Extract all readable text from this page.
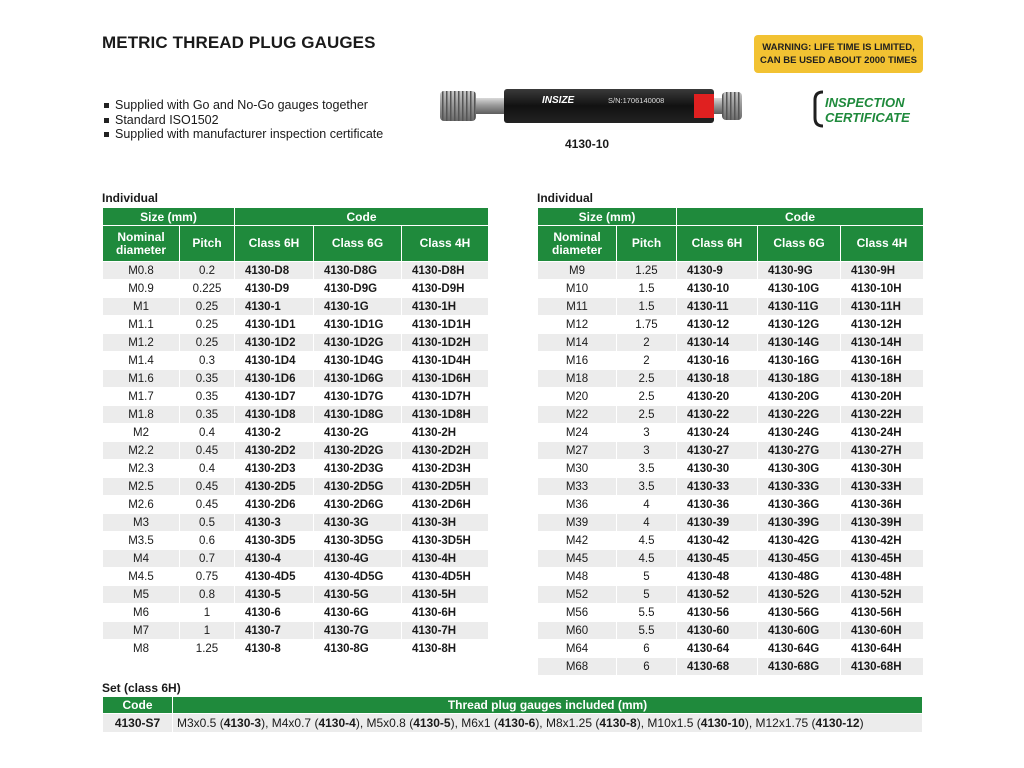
METRIC THREAD PLUG GAUGES	WARNING: LIFE TIME IS LIMITED,
CAN BE USED ABOUT 2000 TIMES
Supplied with Go and No-Go gauges together
Standard ISO1502
Supplied with manufacturer inspection certificate
INSIZE	S/N:1706140008
4130-10
INSPECTION
CERTIFICATE
Individual
Size (mm)		Code		
Nominal
diameter	Pitch	Class 6H	Class 6G	Class 4H
M0.8	0.2	4130-D8	4130-D8G	4130-D8H
M0.9	0.225	4130-D9	4130-D9G	4130-D9H
M1	0.25	4130-1	4130-1G	4130-1H
M1.1	0.25	4130-1D1	4130-1D1G	4130-1D1H
M1.2	0.25	4130-1D2	4130-1D2G	4130-1D2H
M1.4	0.3	4130-1D4	4130-1D4G	4130-1D4H
M1.6	0.35	4130-1D6	4130-1D6G	4130-1D6H
M1.7	0.35	4130-1D7	4130-1D7G	4130-1D7H
M1.8	0.35	4130-1D8	4130-1D8G	4130-1D8H
M2	0.4	4130-2	4130-2G	4130-2H
M2.2	0.45	4130-2D2	4130-2D2G	4130-2D2H
M2.3	0.4	4130-2D3	4130-2D3G	4130-2D3H
M2.5	0.45	4130-2D5	4130-2D5G	4130-2D5H
M2.6	0.45	4130-2D6	4130-2D6G	4130-2D6H
M3	0.5	4130-3	4130-3G	4130-3H
M3.5	0.6	4130-3D5	4130-3D5G	4130-3D5H
M4	0.7	4130-4	4130-4G	4130-4H
M4.5	0.75	4130-4D5	4130-4D5G	4130-4D5H
M5	0.8	4130-5	4130-5G	4130-5H
M6	1	4130-6	4130-6G	4130-6H
M7	1	4130-7	4130-7G	4130-7H
M8	1.25	4130-8	4130-8G	4130-8H
Individual
Size (mm)		Code		
Nominal
diameter	Pitch	Class 6H	Class 6G	Class 4H
M9	1.25	4130-9	4130-9G	4130-9H
M10	1.5	4130-10	4130-10G	4130-10H
M11	1.5	4130-11	4130-11G	4130-11H
M12	1.75	4130-12	4130-12G	4130-12H
M14	2	4130-14	4130-14G	4130-14H
M16	2	4130-16	4130-16G	4130-16H
M18	2.5	4130-18	4130-18G	4130-18H
M20	2.5	4130-20	4130-20G	4130-20H
M22	2.5	4130-22	4130-22G	4130-22H
M24	3	4130-24	4130-24G	4130-24H
M27	3	4130-27	4130-27G	4130-27H
M30	3.5	4130-30	4130-30G	4130-30H
M33	3.5	4130-33	4130-33G	4130-33H
M36	4	4130-36	4130-36G	4130-36H
M39	4	4130-39	4130-39G	4130-39H
M42	4.5	4130-42	4130-42G	4130-42H
M45	4.5	4130-45	4130-45G	4130-45H
M48	5	4130-48	4130-48G	4130-48H
M52	5	4130-52	4130-52G	4130-52H
M56	5.5	4130-56	4130-56G	4130-56H
M60	5.5	4130-60	4130-60G	4130-60H
M64	6	4130-64	4130-64G	4130-64H
M68	6	4130-68	4130-68G	4130-68H
Set (class 6H)
Code	Thread plug gauges included (mm)
4130-S7	M3x0.5 (4130-3), M4x0.7 (4130-4), M5x0.8 (4130-5), M6x1 (4130-6), M8x1.25 (4130-8), M10x1.5 (4130-10), M12x1.75 (4130-12)
